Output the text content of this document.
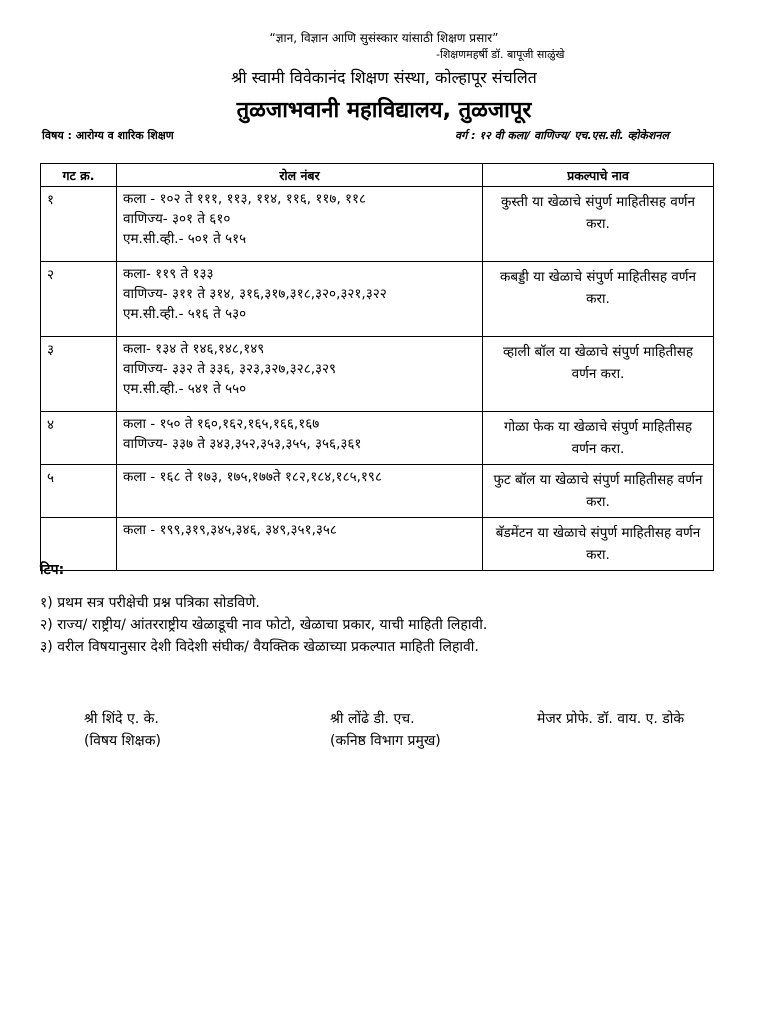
“ज्ञान, विज्ञान आणि सुसंस्कार यांसाठी शिक्षण प्रसार”
-शिक्षणमहर्षी डॉ. बापूजी साळुंखे
श्री स्वामी विवेकानंद शिक्षण संस्था, कोल्हापूर संचलित
तुळजाभवानी महाविद्यालय, तुळजापूर
विषय : आरोग्य व शारिक शिक्षण	वर्ग : १२ वी कला/ वाणिज्य/ एच.एस.सी. व्होकेशनल
गट क्र.	रोल नंबर	प्रकल्पाचे नाव
१	कला - १०२ ते १११, ११३, ११४, ११६, ११७, ११८
वाणिज्य- ३०१ ते ६१०
एम.सी.व्ही.- ५०१ ते ५१५	कुस्ती या खेळाचे संपुर्ण माहितीसह वर्णन करा.
२	कला- ११९ ते १३३
वाणिज्य- ३११ ते ३१४, ३१६,३१७,३१८,३२०,३२१,३२२
एम.सी.व्ही.- ५१६ ते ५३०	कबड्डी या खेळाचे संपुर्ण माहितीसह वर्णन करा.
३	कला- १३४ ते १४६,१४८,१४९
वाणिज्य- ३३२ ते ३३६, ३२३,३२७,३२८,३२९
एम.सी.व्ही.- ५४१ ते ५५०	व्हाली बॉल या खेळाचे संपुर्ण माहितीसह वर्णन करा.
४	कला - १५० ते १६०,१६२,१६५,१६६,१६७
वाणिज्य- ३३७ ते ३४३,३५२,३५३,३५५, ३५६,३६१	गोळा फेक या खेळाचे संपुर्ण माहितीसह वर्णन करा.
५	कला - १६८ ते १७३, १७५,१७७ते १८२,१८४,१८५,१९८	फुट बॉल या खेळाचे संपुर्ण माहितीसह वर्णन करा.

	कला - १९९,३१९,३४५,३४६, ३४९,३५१,३५८	बॅडमेंटन या खेळाचे संपुर्ण माहितीसह वर्णन करा.
टिप:
१) प्रथम सत्र परीक्षेची प्रश्न पत्रिका सोडविणे.
२) राज्य/ राष्ट्रीय/ आंतरराष्ट्रीय खेळाडूची नाव फोटो, खेळाचा प्रकार, याची माहिती लिहावी.
३) वरील विषयानुसार देशी विदेशी संघीक/ वैयक्तिक खेळाच्या प्रकल्पात माहिती लिहावी.
श्री शिंदे ए. के.
(विषय शिक्षक)
श्री लोंढे डी. एच.
(कनिष्ठ विभाग प्रमुख)
मेजर प्रोफे. डॉ. वाय. ए. डोके
